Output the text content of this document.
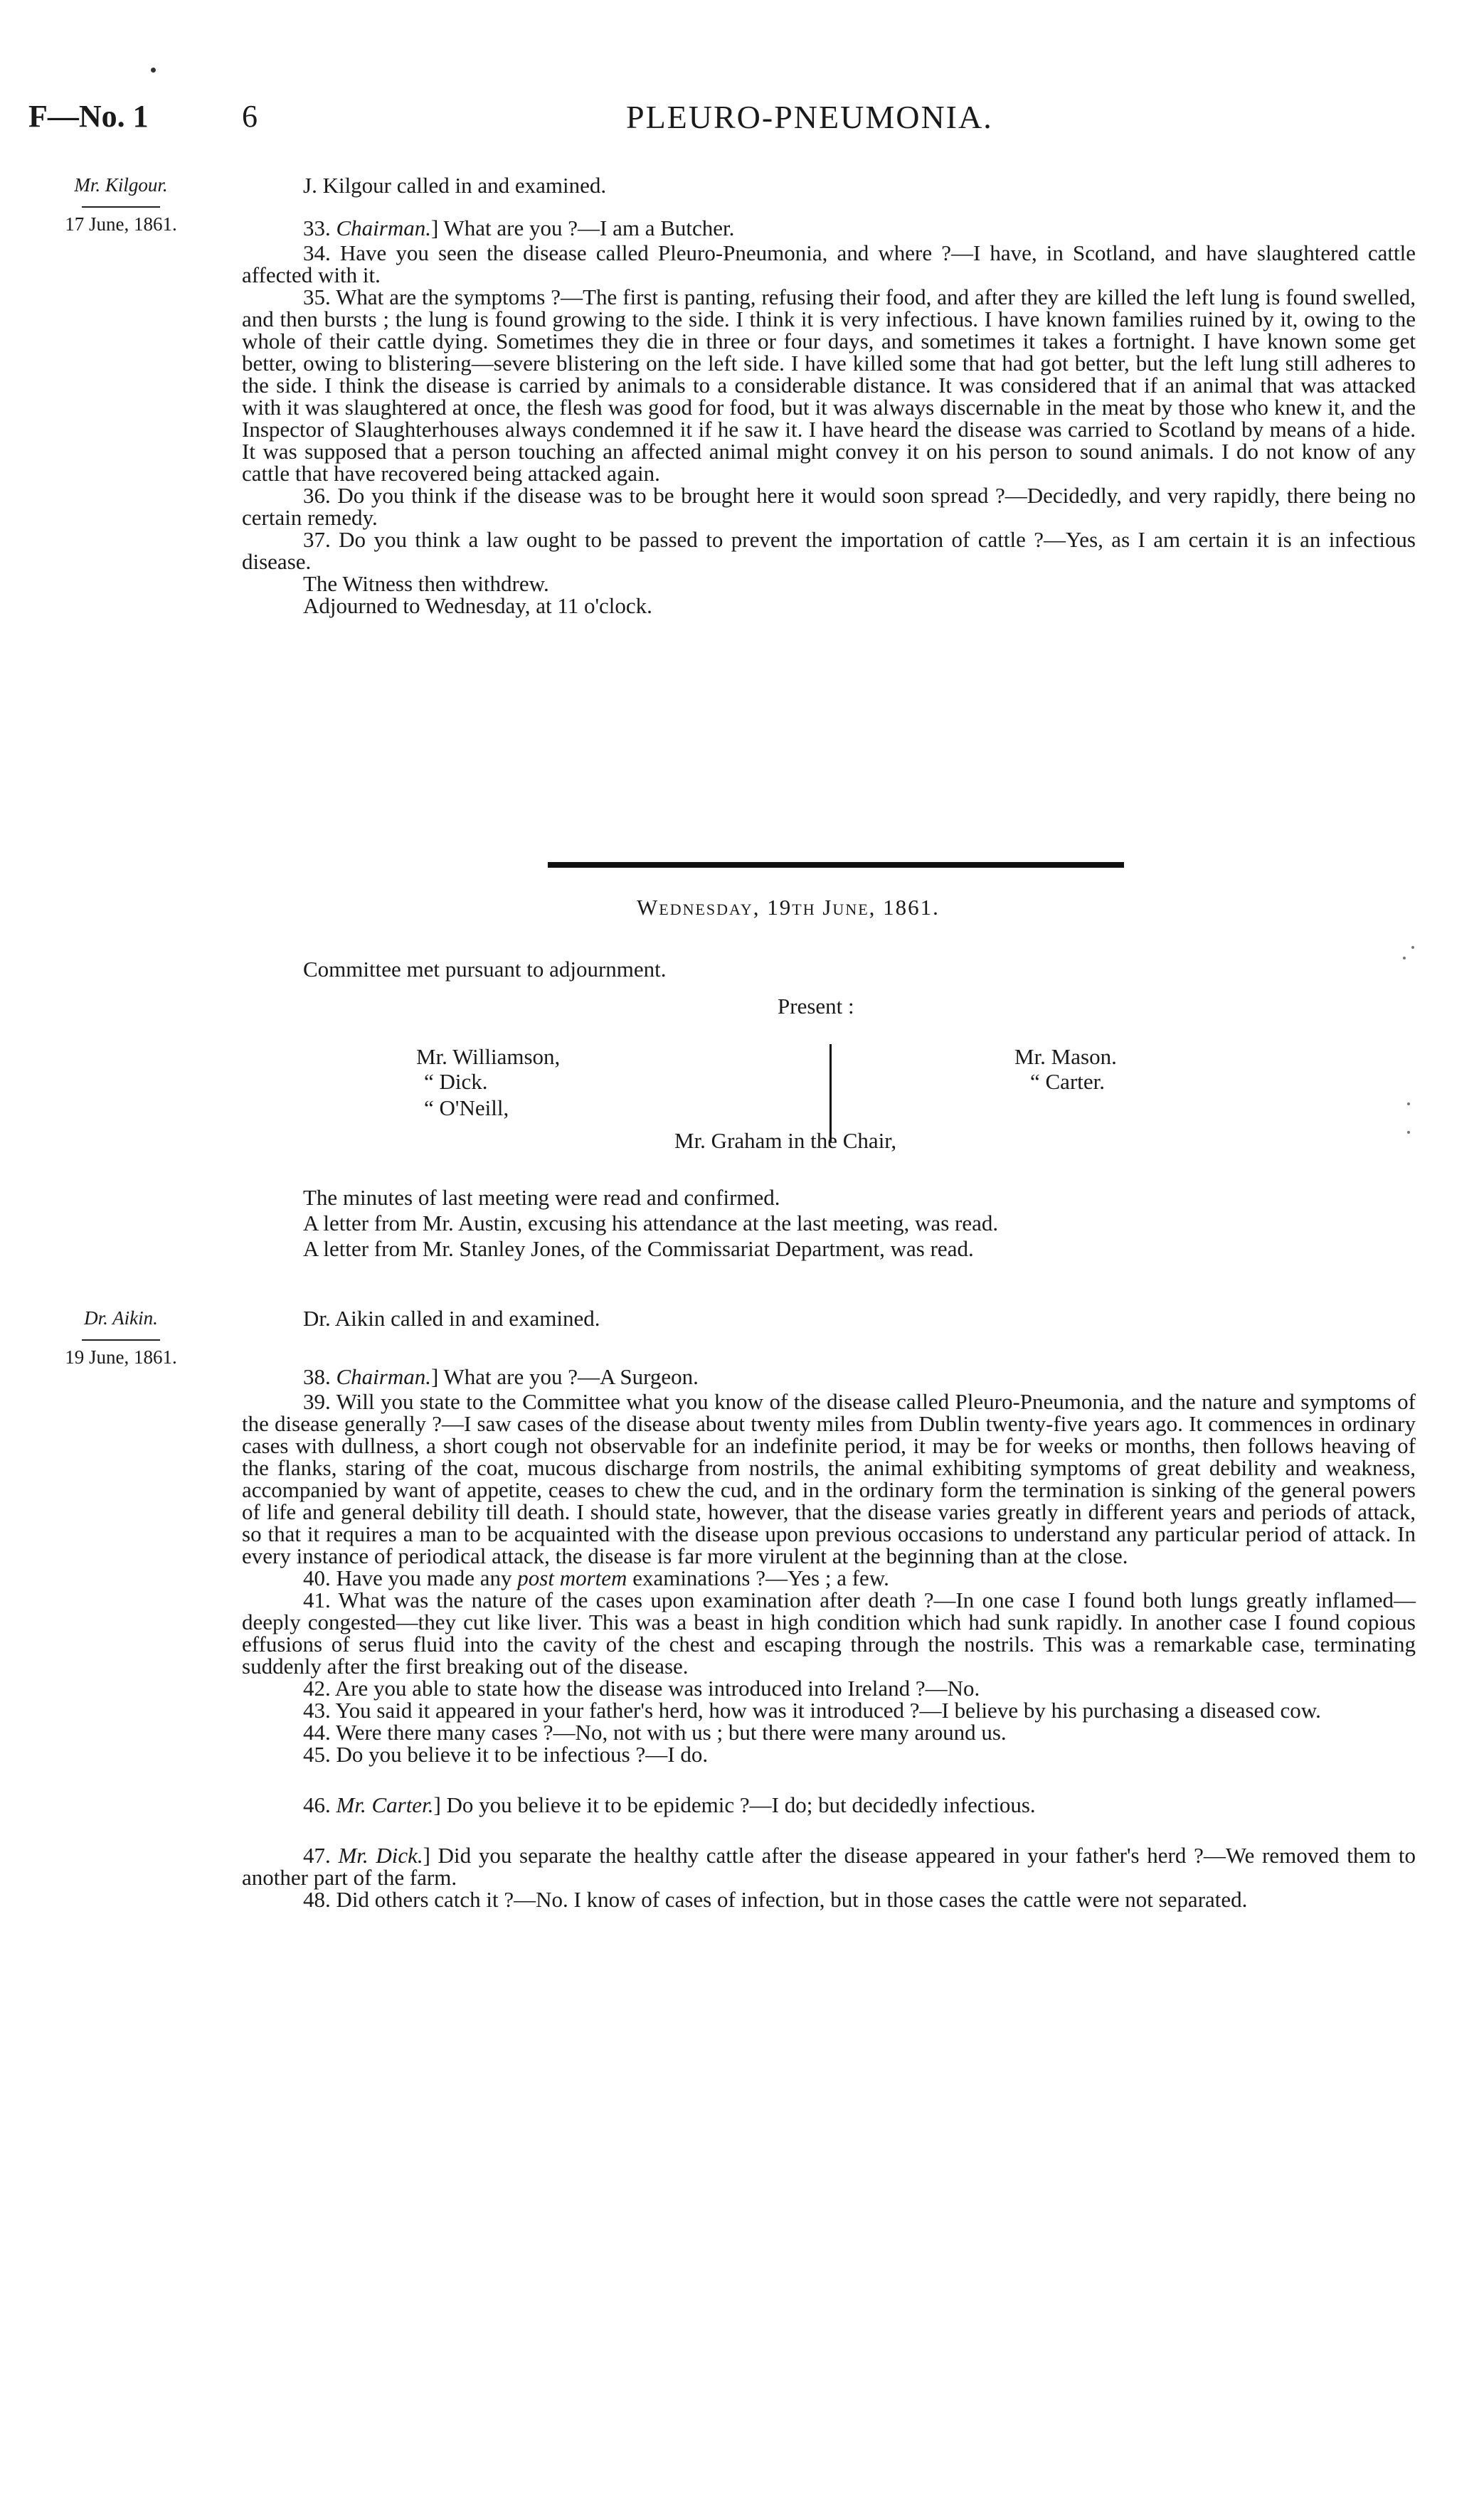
F—No. 1	6	PLEURO-PNEUMONIA.
Mr. Kilgour.
17 June, 1861.
J. Kilgour called in and examined.
33. Chairman.] What are you ?—I am a Butcher.

34. Have you seen the disease called Pleuro-Pneumonia, and where ?—I have, in Scotland, and have slaughtered cattle affected with it.

35. What are the symptoms ?—The first is panting, refusing their food, and after they are killed the left lung is found swelled, and then bursts ; the lung is found growing to the side. I think it is very infectious. I have known families ruined by it, owing to the whole of their cattle dying. Sometimes they die in three or four days, and sometimes it takes a fortnight. I have known some get better, owing to blistering—severe blistering on the left side. I have killed some that had got better, but the left lung still adheres to the side. I think the disease is carried by animals to a considerable distance. It was considered that if an animal that was attacked with it was slaughtered at once, the flesh was good for food, but it was always discernable in the meat by those who knew it, and the Inspector of Slaughterhouses always condemned it if he saw it. I have heard the disease was carried to Scotland by means of a hide. It was supposed that a person touching an affected animal might convey it on his person to sound animals. I do not know of any cattle that have recovered being attacked again.

36. Do you think if the disease was to be brought here it would soon spread ?—Decidedly, and very rapidly, there being no certain remedy.

37. Do you think a law ought to be passed to prevent the importation of cattle ?—Yes, as I am certain it is an infectious disease.

The Witness then withdrew.

Adjourned to Wednesday, at 11 o'clock.

Wednesday, 19th June, 1861.
Committee met pursuant to adjournment.
Present :
Mr. Williamson,
“ Dick.
“ O'Neill,
Mr. Mason.
“ Carter.
Mr. Graham in the Chair,
The minutes of last meeting were read and confirmed.
A letter from Mr. Austin, excusing his attendance at the last meeting, was read.
A letter from Mr. Stanley Jones, of the Commissariat Department, was read.
Dr. Aikin.
19 June, 1861.
Dr. Aikin called in and examined.
38. Chairman.] What are you ?—A Surgeon.

39. Will you state to the Committee what you know of the disease called Pleuro-Pneumonia, and the nature and symptoms of the disease generally ?—I saw cases of the disease about twenty miles from Dublin twenty-five years ago. It commences in ordinary cases with dullness, a short cough not observable for an indefinite period, it may be for weeks or months, then follows heaving of the flanks, staring of the coat, mucous discharge from nostrils, the animal exhibiting symptoms of great debility and weakness, accompanied by want of appetite, ceases to chew the cud, and in the ordinary form the termination is sinking of the general powers of life and general debility till death. I should state, however, that the disease varies greatly in different years and periods of attack, so that it requires a man to be acquainted with the disease upon previous occasions to understand any particular period of attack. In every instance of periodical attack, the disease is far more virulent at the beginning than at the close.

40. Have you made any post mortem examinations ?—Yes ; a few.

41. What was the nature of the cases upon examination after death ?—In one case I found both lungs greatly inflamed—deeply congested—they cut like liver. This was a beast in high condition which had sunk rapidly. In another case I found copious effusions of serus fluid into the cavity of the chest and escaping through the nostrils. This was a remarkable case, terminating suddenly after the first breaking out of the disease.

42. Are you able to state how the disease was introduced into Ireland ?—No.

43. You said it appeared in your father's herd, how was it introduced ?—I believe by his purchasing a diseased cow.

44. Were there many cases ?—No, not with us ; but there were many around us.

45. Do you believe it to be infectious ?—I do.

46. Mr. Carter.] Do you believe it to be epidemic ?—I do; but decidedly infectious.

47. Mr. Dick.] Did you separate the healthy cattle after the disease appeared in your father's herd ?—We removed them to another part of the farm.

48. Did others catch it ?—No. I know of cases of infection, but in those cases the cattle were not separated.
